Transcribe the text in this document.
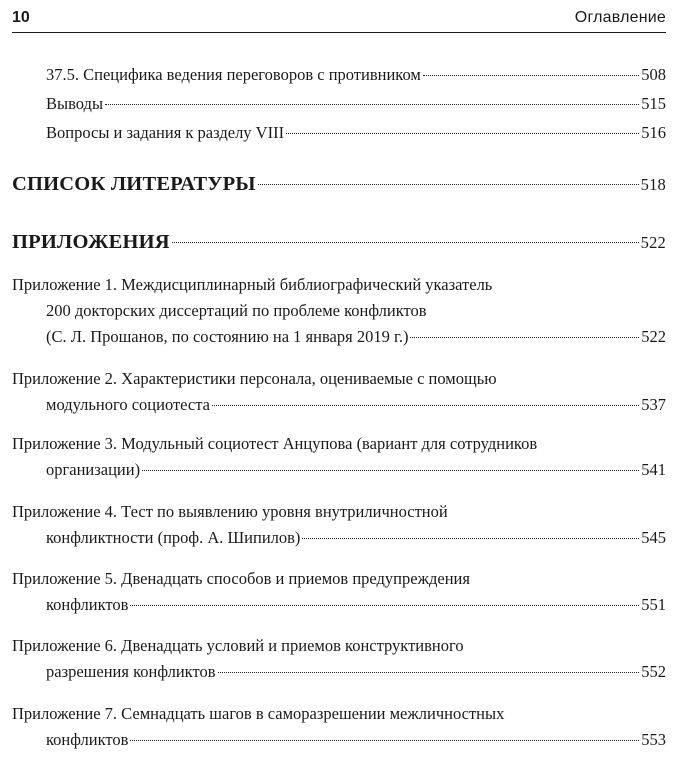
10	Оглавление
37.5. Специфика ведения переговоров с противником	508
Выводы	515
Вопросы и задания к разделу VIII	516
СПИСОК ЛИТЕРАТУРЫ	518
ПРИЛОЖЕНИЯ	522
Приложение 1. Междисциплинарный библиографический указатель
200 докторских диссертаций по проблеме конфликтов
(С. Л. Прошанов, по состоянию на 1 января 2019 г.)	522
Приложение 2. Характеристики персонала, оцениваемые с помощью
модульного социотеста	537
Приложение 3. Модульный социотест Анцупова (вариант для сотрудников
организации)	541
Приложение 4. Тест по выявлению уровня внутриличностной
конфликтности (проф. А. Шипилов)	545
Приложение 5. Двенадцать способов и приемов предупреждения
конфликтов	551
Приложение 6. Двенадцать условий и приемов конструктивного
разрешения конфликтов	552
Приложение 7. Семнадцать шагов в саморазрешении межличностных
конфликтов	553
